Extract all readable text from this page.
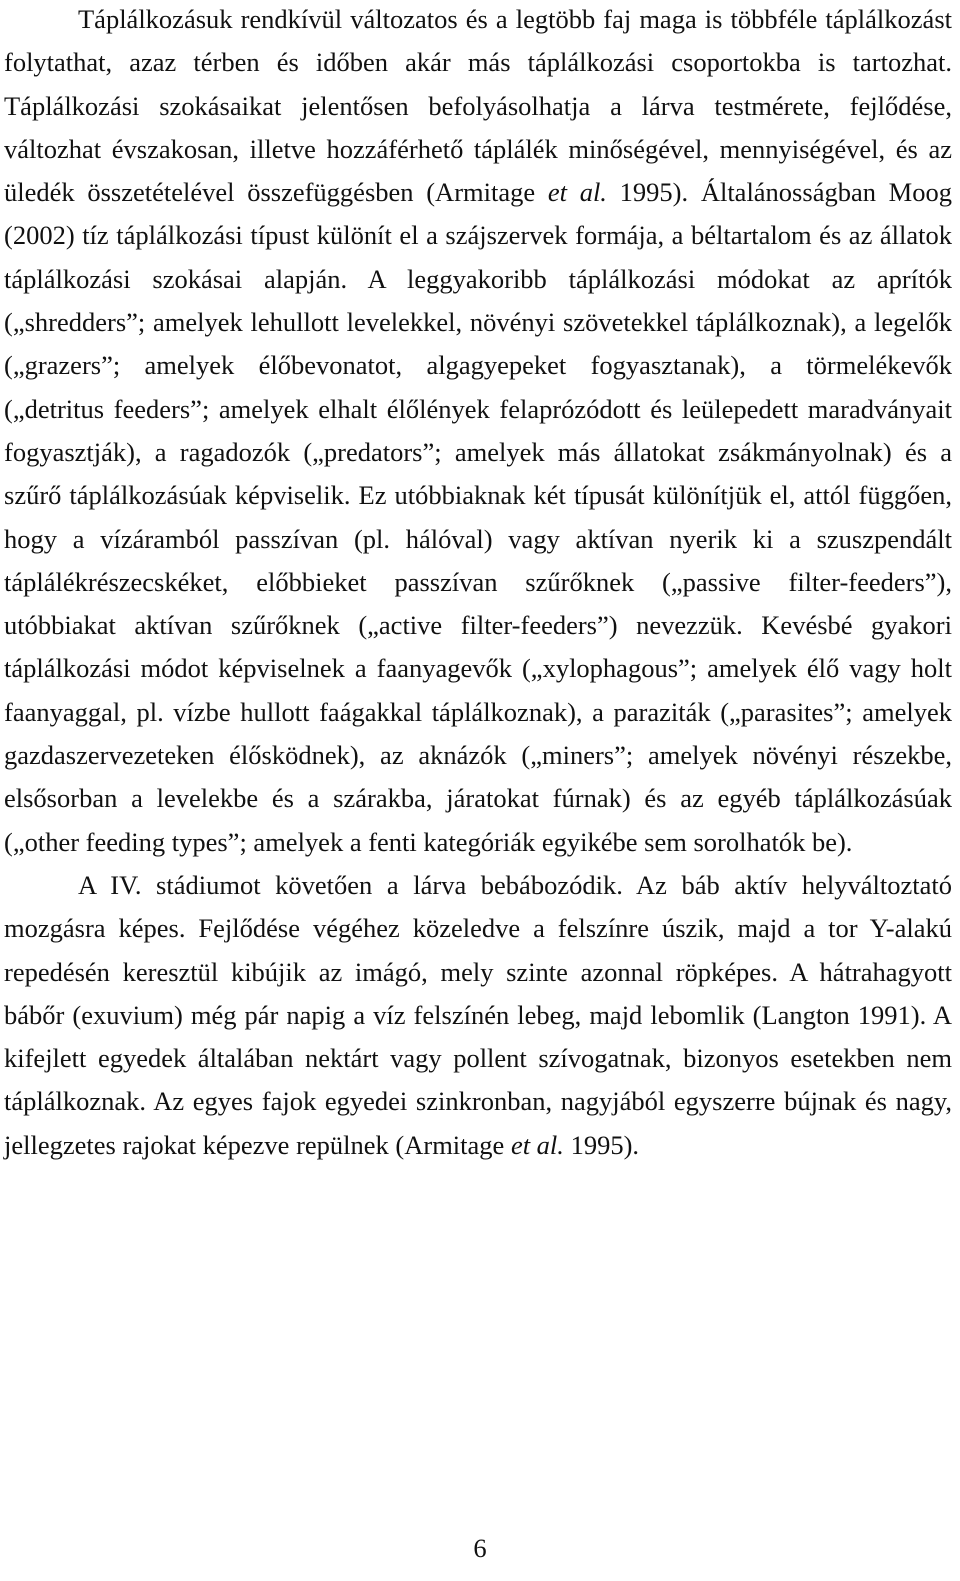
Táplálkozásuk rendkívül változatos és a legtöbb faj maga is többféle táplálkozást folytathat, azaz térben és időben akár más táplálkozási csoportokba is tartozhat. Táplálkozási szokásaikat jelentősen befolyásolhatja a lárva testmérete, fejlődése, változhat évszakosan, illetve hozzáférhető táplálék minőségével, mennyiségével, és az üledék összetételével összefüggésben (Armitage et al. 1995). Általánosságban Moog (2002) tíz táplálkozási típust különít el a szájszervek formája, a béltartalom és az állatok táplálkozási szokásai alapján. A leggyakoribb táplálkozási módokat az aprítók („shredders”; amelyek lehullott levelekkel, növényi szövetekkel táplálkoznak), a legelők („grazers”; amelyek élőbevonatot, algagyepeket fogyasztanak), a törmelékevők („detritus feeders”; amelyek elhalt élőlények felaprózódott és leülepedett maradványait fogyasztják), a ragadozók („predators”; amelyek más állatokat zsákmányolnak) és a szűrő táplálkozásúak képviselik. Ez utóbbiaknak két típusát különítjük el, attól függően, hogy a vízáramból passzívan (pl. hálóval) vagy aktívan nyerik ki a szuszpendált táplálékrészecskéket, előbbieket passzívan szűrőknek („passive filter-feeders”), utóbbiakat aktívan szűrőknek („active filter-feeders”) nevezzük. Kevésbé gyakori táplálkozási módot képviselnek a faanyagevők („xylophagous”; amelyek élő vagy holt faanyaggal, pl. vízbe hullott faágakkal táplálkoznak), a paraziták („parasites”; amelyek gazdaszervezeteken élősködnek), az aknázók („miners”; amelyek növényi részekbe, elsősorban a levelekbe és a szárakba, járatokat fúrnak) és az egyéb táplálkozásúak („other feeding types”; amelyek a fenti kategóriák egyikébe sem sorolhatók be).

A IV. stádiumot követően a lárva bebábozódik. Az báb aktív helyváltoztató mozgásra képes. Fejlődése végéhez közeledve a felszínre úszik, majd a tor Y-alakú repedésén keresztül kibújik az imágó, mely szinte azonnal röpképes. A hátrahagyott bábőr (exuvium) még pár napig a víz felszínén lebeg, majd lebomlik (Langton 1991). A kifejlett egyedek általában nektárt vagy pollent szívogatnak, bizonyos esetekben nem táplálkoznak. Az egyes fajok egyedei szinkronban, nagyjából egyszerre bújnak és nagy, jellegzetes rajokat képezve repülnek (Armitage et al. 1995).

6
